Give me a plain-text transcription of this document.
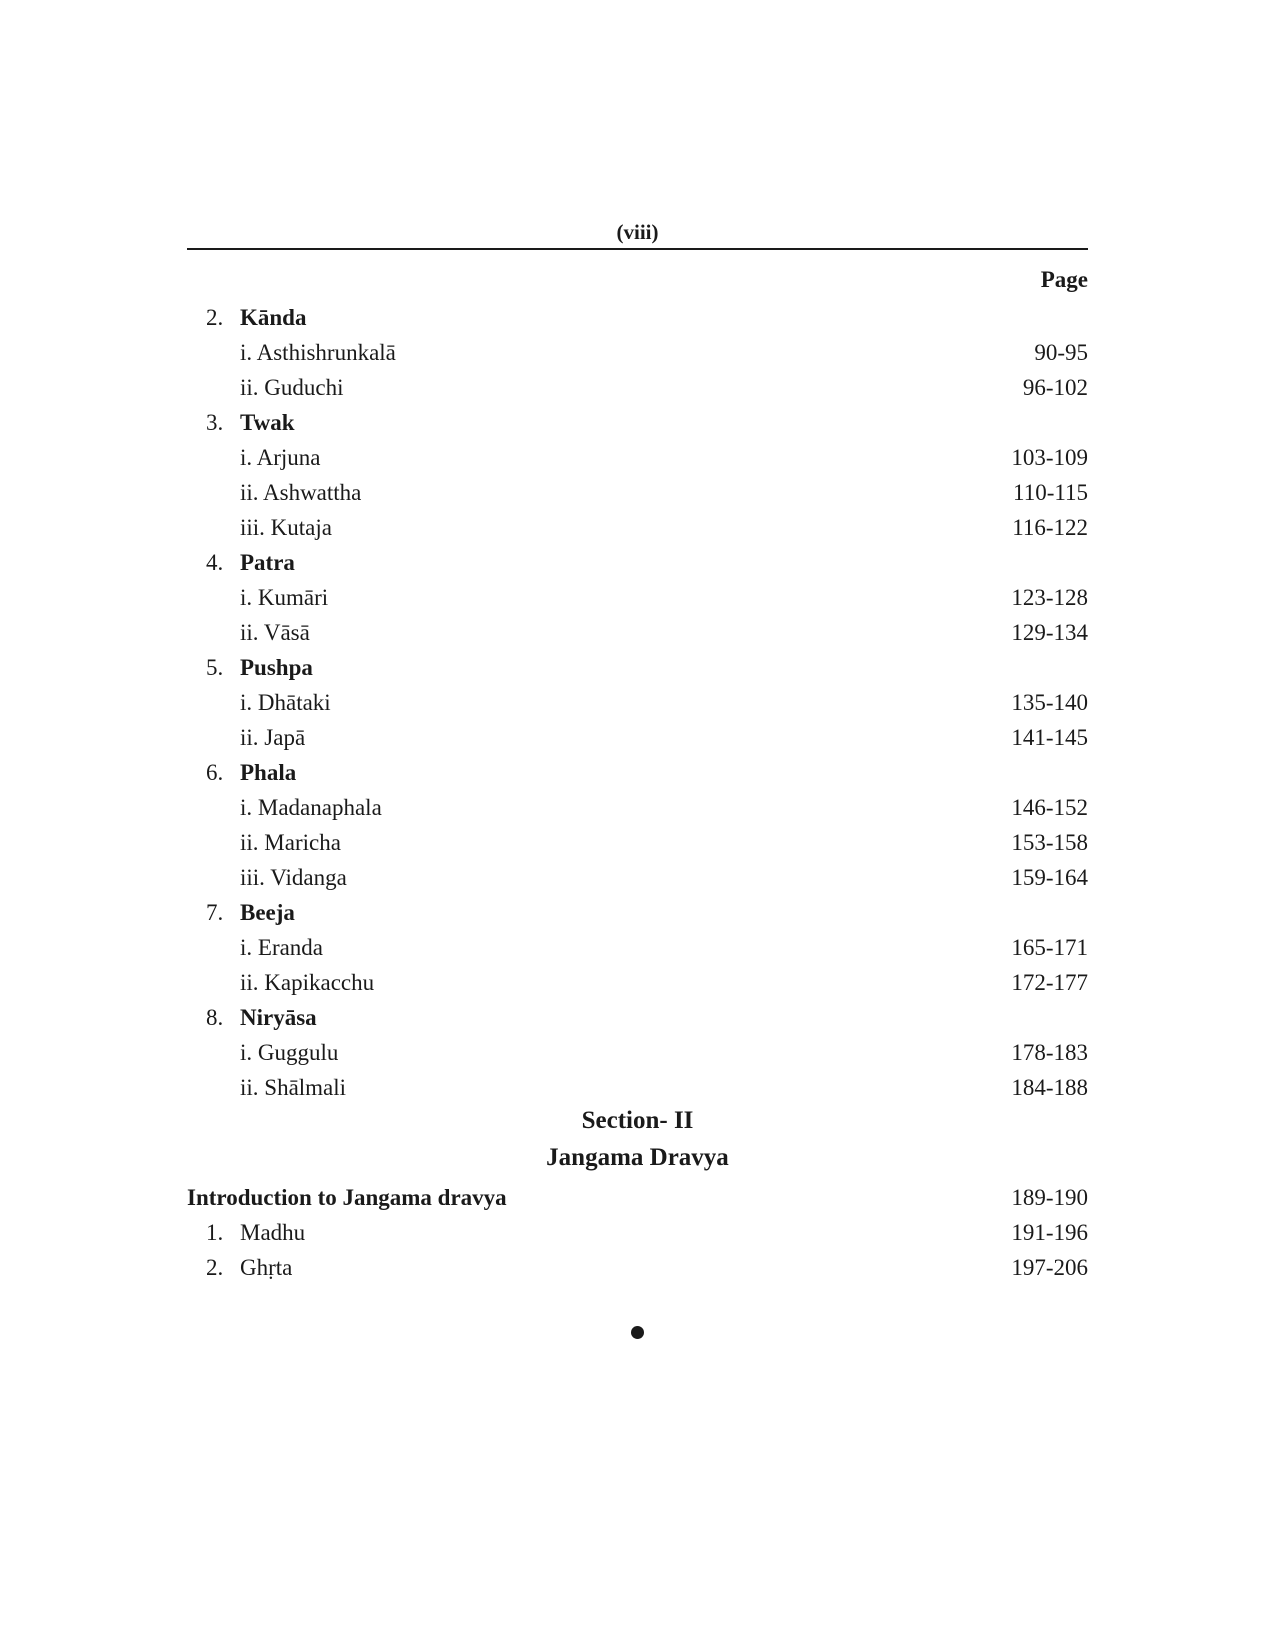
(viii)
Page
2. Kānda
i. Asthishrunkalā	90-95
ii. Guduchi	96-102
3. Twak
i. Arjuna	103-109
ii. Ashwattha	110-115
iii. Kutaja	116-122
4. Patra
i. Kumāri	123-128
ii. Vāsā	129-134
5. Pushpa
i. Dhātaki	135-140
ii. Japā	141-145
6. Phala
i. Madanaphala	146-152
ii. Maricha	153-158
iii. Vidanga	159-164
7. Beeja
i. Eranda	165-171
ii. Kapikacchu	172-177
8. Niryāsa
i. Guggulu	178-183
ii. Shālmali	184-188
Section- II
Jangama Dravya
Introduction to Jangama dravya	189-190
1. Madhu	191-196
2. Ghṛta	197-206
